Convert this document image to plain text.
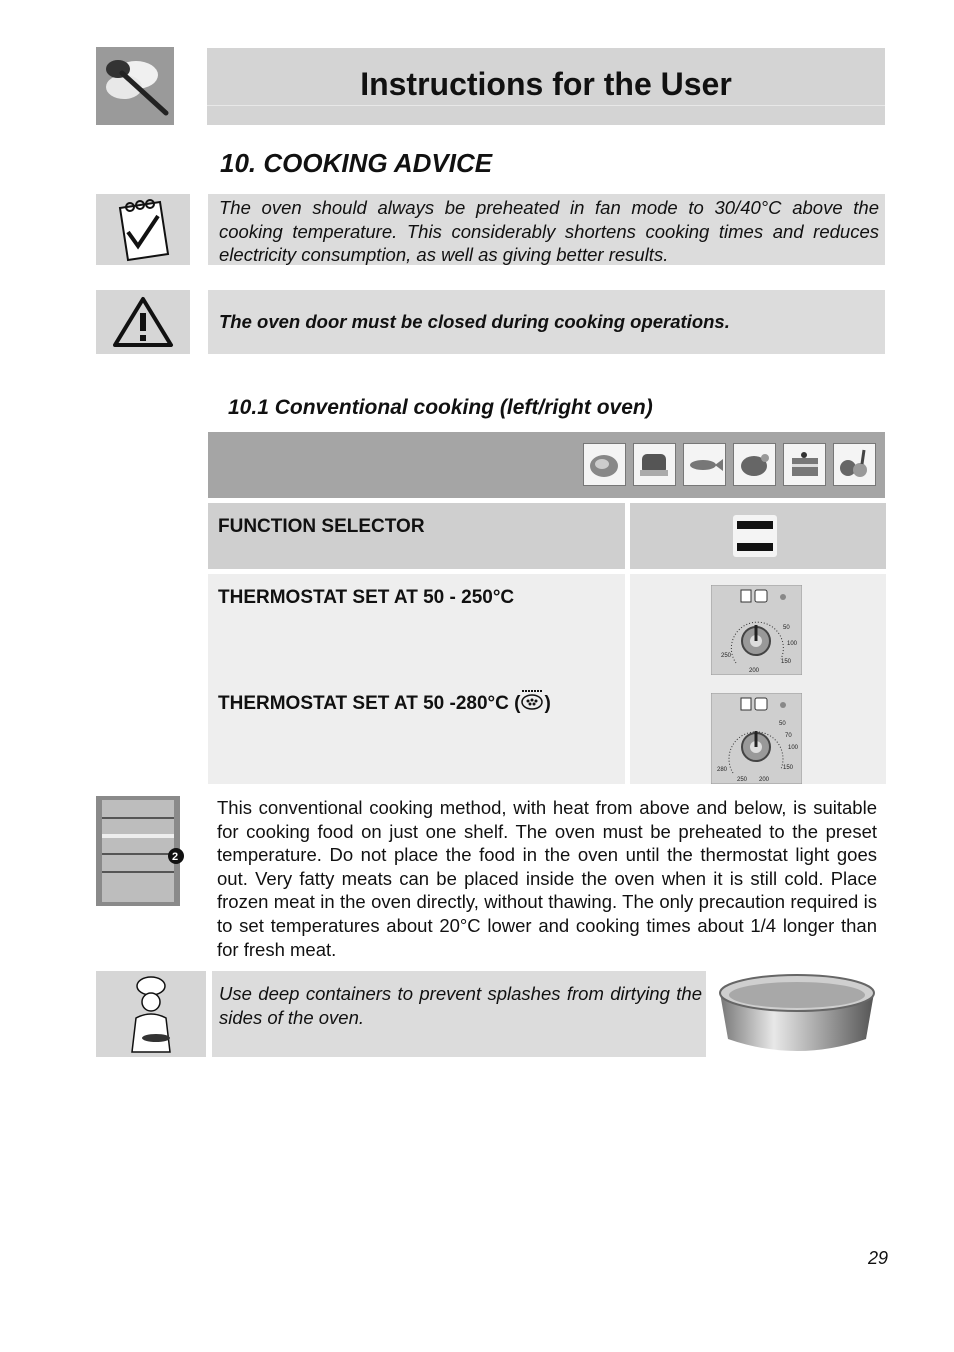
Instructions for the User
10. COOKING ADVICE
The oven should always be preheated in fan mode to 30/40°C above the cooking temperature. This considerably shortens cooking times and reduces electricity consumption, as well as giving better results.
The oven door must be closed during cooking operations.
10.1 Conventional cooking (left/right oven)
FUNCTION SELECTOR
THERMOSTAT SET AT 50 - 250°C
THERMOSTAT SET AT 50 -280°C ( )
50
100
150
200
250
50
70
100
150
200
250
280
2
This conventional cooking method, with heat from above and below, is suitable for cooking food on just one shelf. The oven must be preheated to the preset temperature. Do not place the food in the oven until the thermostat light goes out. Very fatty meats can be placed inside the oven when it is still cold. Place frozen meat in the oven directly, without thawing. The only precaution required is to set temperatures about 20°C lower and cooking times about 1/4 longer than for fresh meat.
Use deep containers to prevent splashes from dirtying the sides of the oven.
29
